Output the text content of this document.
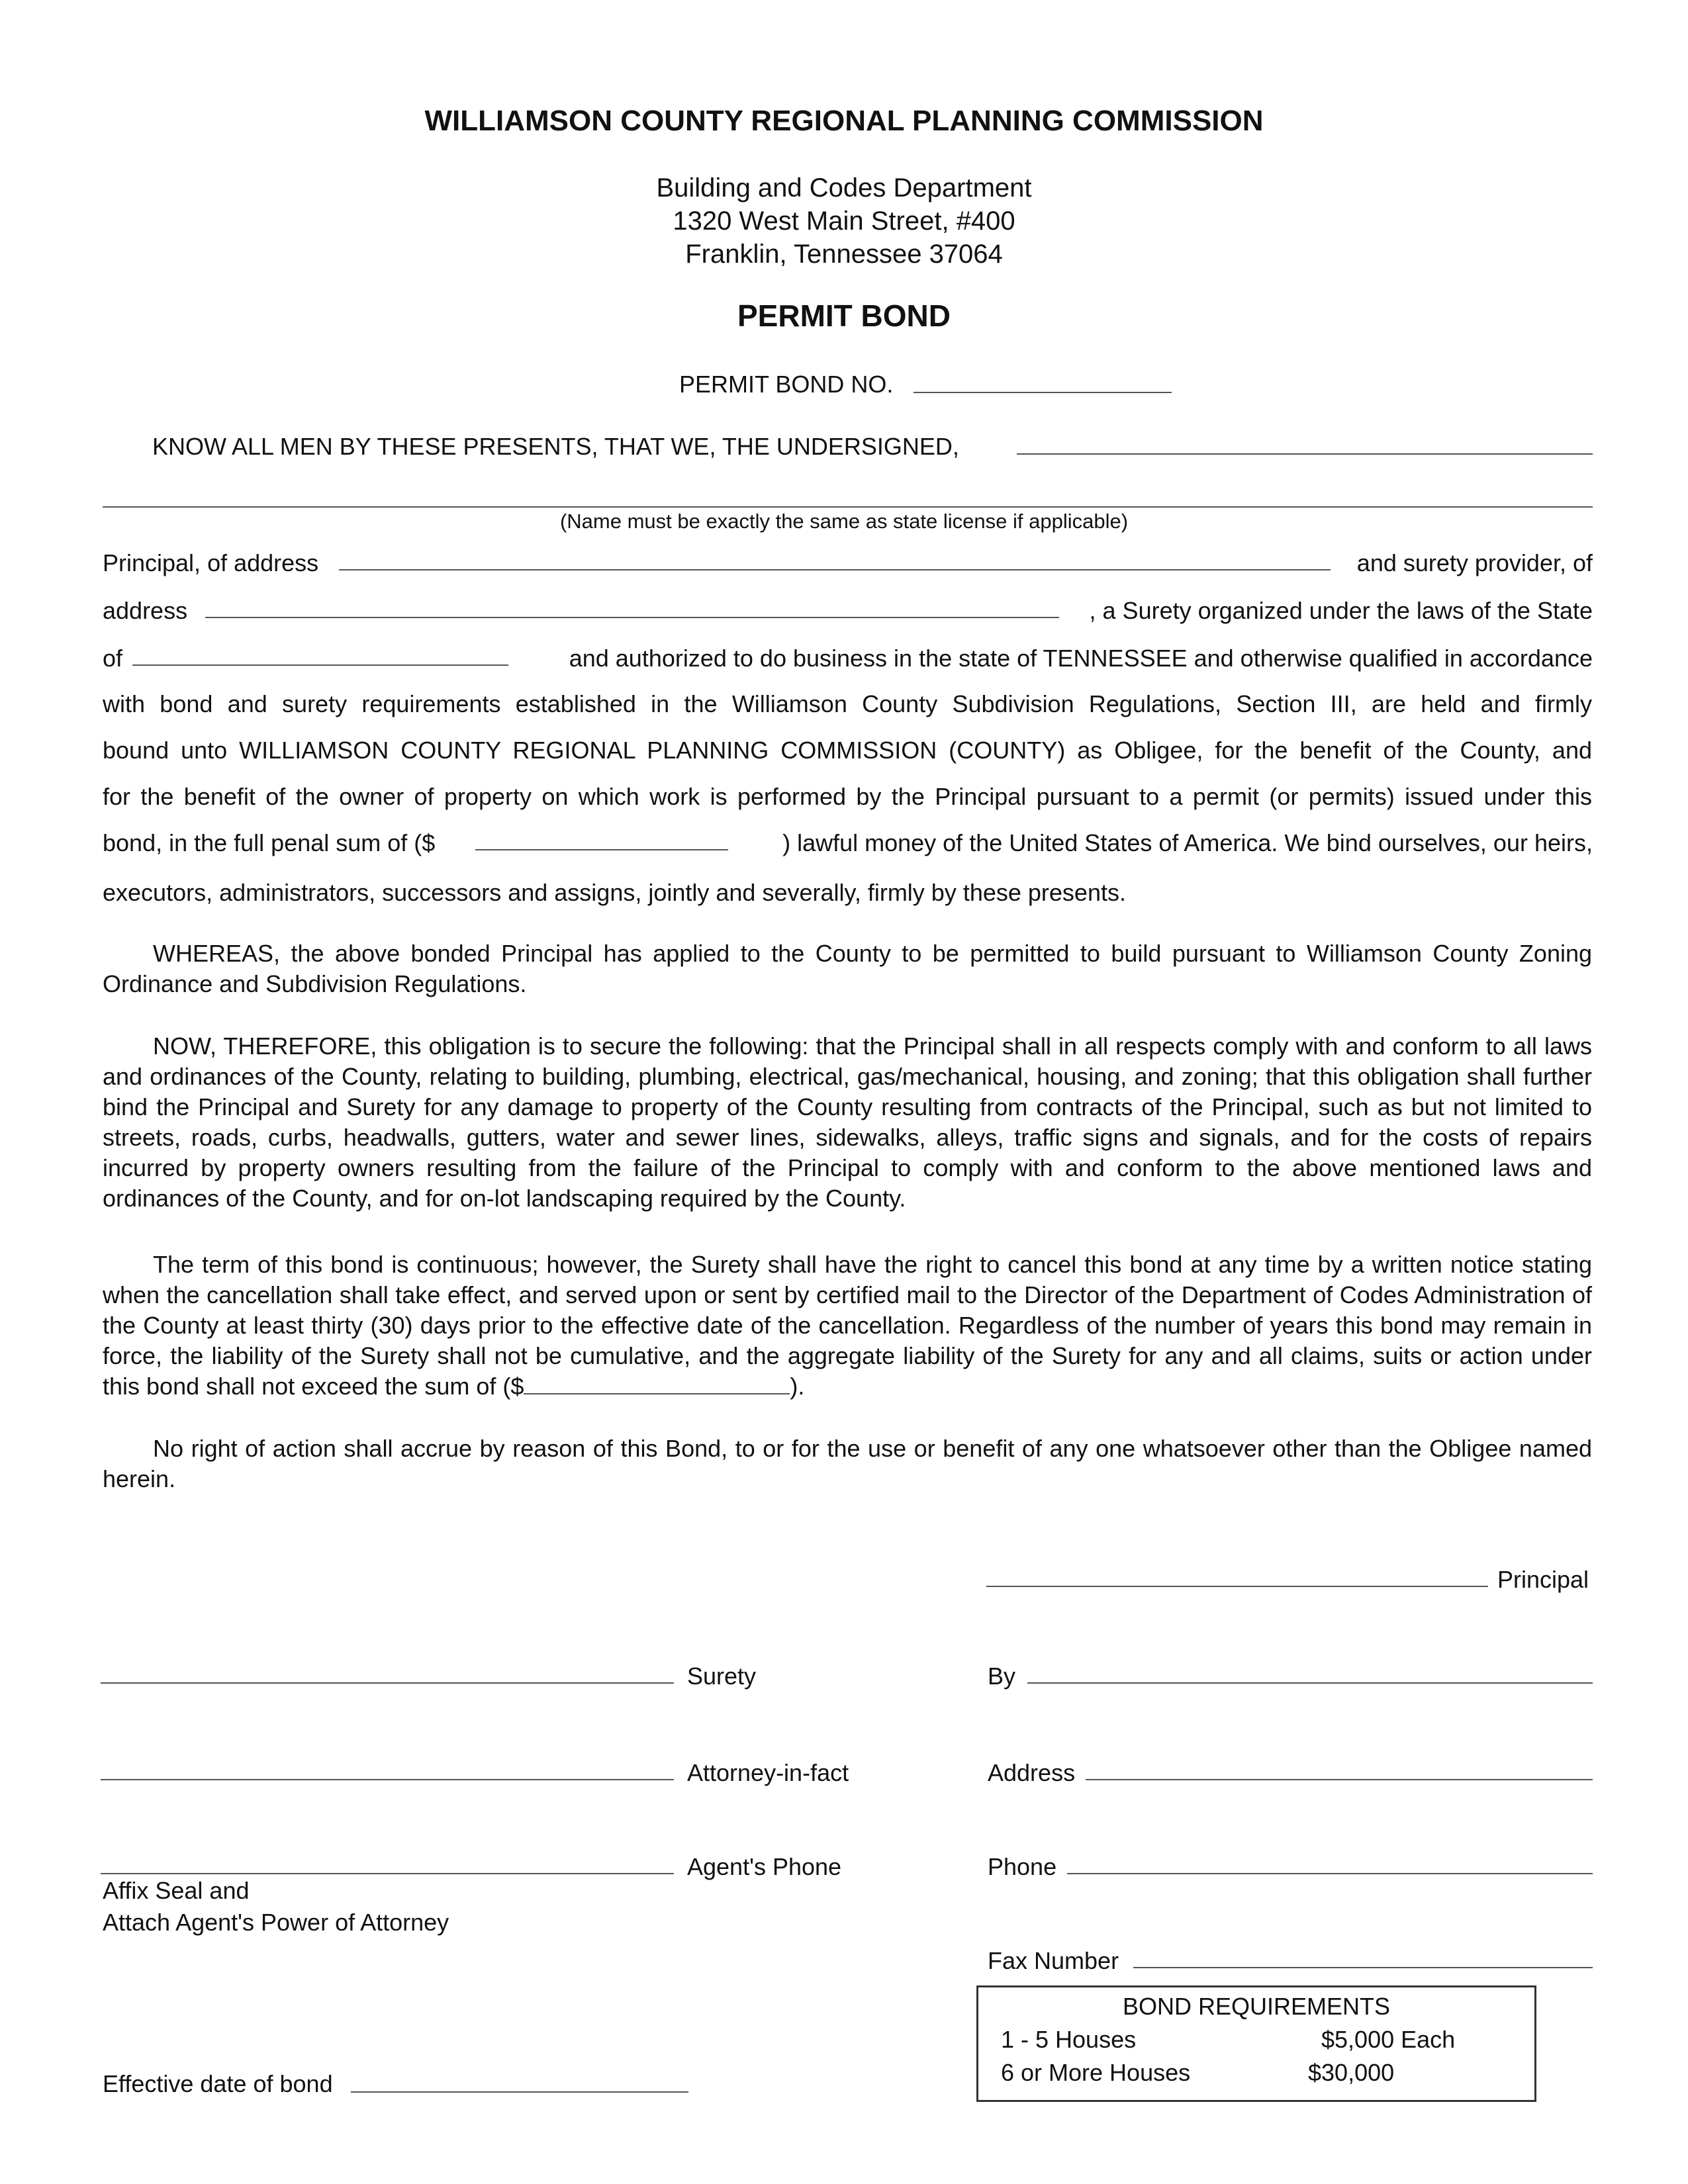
WILLIAMSON COUNTY REGIONAL PLANNING COMMISSION
Building and Codes Department
1320 West Main Street, #400
Franklin, Tennessee 37064
PERMIT BOND
PERMIT BOND NO.
KNOW ALL MEN BY THESE PRESENTS, THAT WE, THE UNDERSIGNED,
(Name must be exactly the same as state license if applicable)
Principal, of address	and surety provider, of
address	, a Surety organized under the laws of the State
of	and authorized to do business in the state of TENNESSEE and otherwise qualified in accordance
with bond and surety requirements established in the Williamson County Subdivision Regulations, Section III, are held and firmly
bound unto WILLIAMSON COUNTY REGIONAL PLANNING COMMISSION (COUNTY) as Obligee, for the benefit of the County, and
for the benefit of the owner of property on which work is performed by the Principal pursuant to a permit (or permits) issued under this
bond, in the full penal sum of ($	) lawful money of the United States of America. We bind ourselves, our heirs,
executors, administrators, successors and assigns, jointly and severally, firmly by these presents.
WHEREAS, the above bonded Principal has applied to the County to be permitted to build pursuant to Williamson County Zoning Ordinance and Subdivision Regulations.
NOW, THEREFORE, this obligation is to secure the following: that the Principal shall in all respects comply with and conform to all laws and ordinances of the County, relating to building, plumbing, electrical, gas/mechanical, housing, and zoning; that this obligation shall further bind the Principal and Surety for any damage to property of the County resulting from contracts of the Principal, such as but not limited to streets, roads, curbs, headwalls, gutters, water and sewer lines, sidewalks, alleys, traffic signs and signals, and for the costs of repairs incurred by property owners resulting from the failure of the Principal to comply with and conform to the above mentioned laws and ordinances of the County, and for on-lot landscaping required by the County.
The term of this bond is continuous; however, the Surety shall have the right to cancel this bond at any time by a written notice stating when the cancellation shall take effect, and served upon or sent by certified mail to the Director of the Department of Codes Administration of the County at least thirty (30) days prior to the effective date of the cancellation. Regardless of the number of years this bond may remain in force, the liability of the Surety shall not be cumulative, and the aggregate liability of the Surety for any and all claims, suits or action under this bond shall not exceed the sum of ($	).
No right of action shall accrue by reason of this Bond, to or for the use or benefit of any one whatsoever other than the Obligee named herein.
Principal
Surety	By
Attorney-in-fact	Address
Agent's Phone	Phone
Affix Seal and
Attach Agent's Power of Attorney
Fax Number
BOND REQUIREMENTS
1 - 5 Houses	$5,000 Each
6 or More Houses	$30,000
Effective date of bond
